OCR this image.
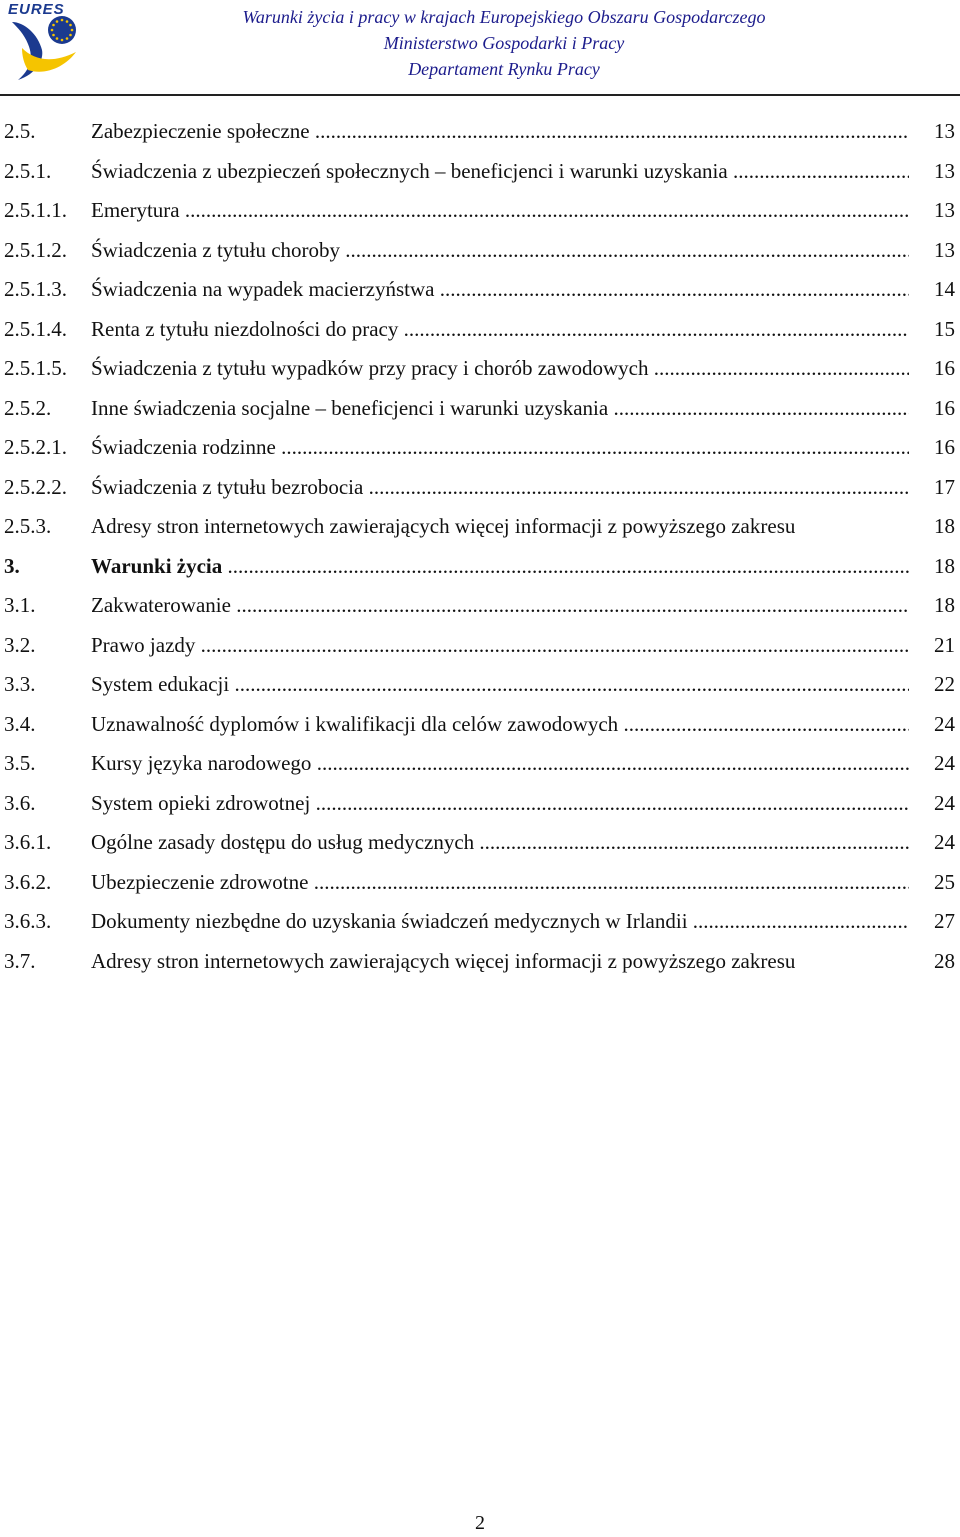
EURES	Warunki życia i pracy w krajach Europejskiego Obszaru Gospodarczego
Ministerstwo Gospodarki i Pracy
Departament Rynku Pracy
2.5.	Zabezpieczenie społeczne .....	13
2.5.1. Świadczenia z ubezpieczeń społecznych – beneficjenci i warunki uzyskania .....	13
2.5.1.1. Emerytura .....	13
2.5.1.2. Świadczenia z tytułu choroby .....	13
2.5.1.3. Świadczenia na wypadek macierzyństwa .....	14
2.5.1.4. Renta z tytułu niezdolności do pracy .....	15
2.5.1.5. Świadczenia z tytułu wypadków przy pracy i chorób zawodowych .....	16
2.5.2. Inne świadczenia socjalne – beneficjenci i warunki uzyskania .....	16
2.5.2.1. Świadczenia rodzinne .....	16
2.5.2.2. Świadczenia z tytułu bezrobocia .....	17
2.5.3. Adresy stron internetowych zawierających więcej informacji z powyższego zakresu	18
3.	Warunki życia .....	18
3.1.	Zakwaterowanie .....	18
3.2.	Prawo jazdy .....	21
3.3.	System edukacji .....	22
3.4.	Uznawalność dyplomów i kwalifikacji dla celów zawodowych .....	24
3.5.	Kursy języka narodowego .....	24
3.6.	System opieki zdrowotnej .....	24
3.6.1. Ogólne zasady dostępu do usług medycznych .....	24
3.6.2. Ubezpieczenie zdrowotne .....	25
3.6.3. Dokumenty niezbędne do uzyskania świadczeń medycznych w Irlandii .....	27
3.7.	Adresy stron internetowych zawierających więcej informacji z powyższego zakresu	28
2
